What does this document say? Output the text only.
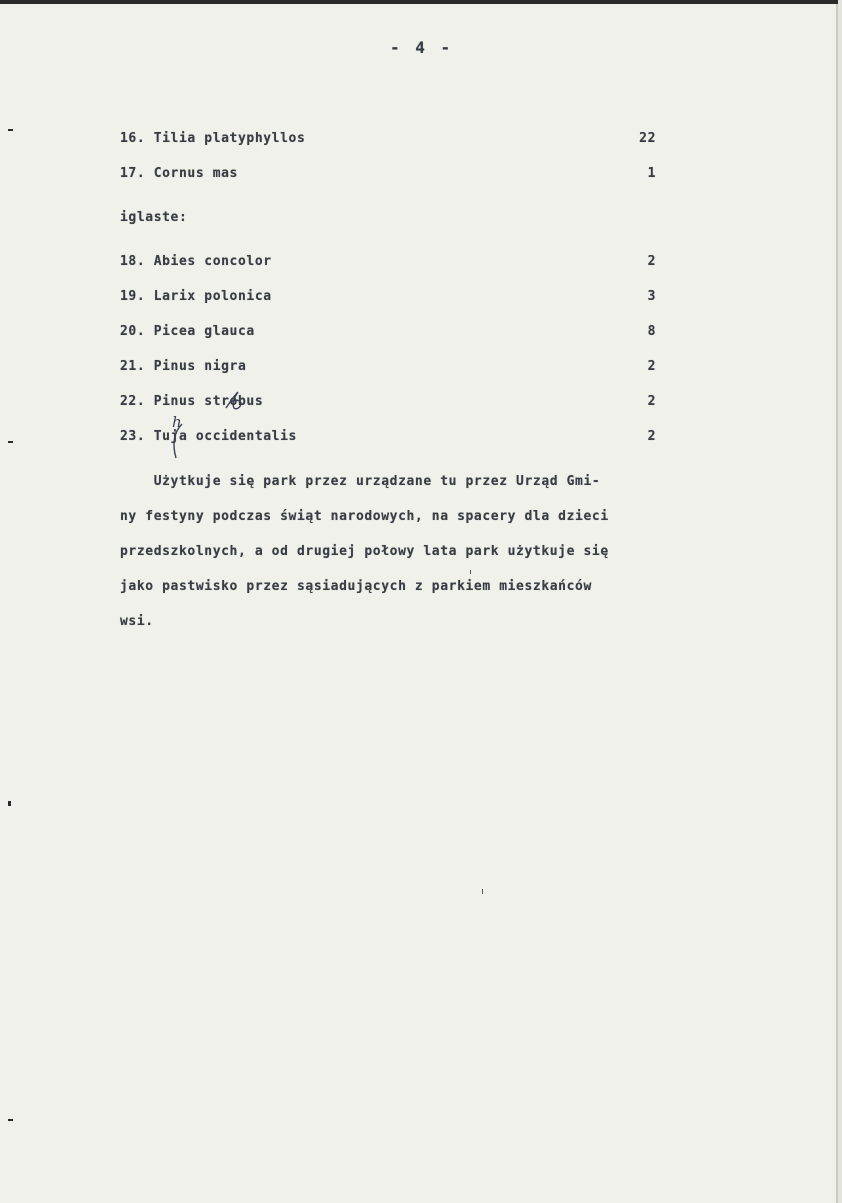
- 4 -
16. Tilia platyphyllos	22
17. Cornus mas	1
iglaste:
18. Abies concolor	2
19. Larix polonica	3
20. Picea glauca	8
21. Pinus nigra	2
22. Pinus strobus	2
23. Tuja occidentalis	2
h
Użytkuje się park przez urządzane tu przez Urząd Gmi-
ny festyny podczas świąt narodowych, na spacery dla dzieci
przedszkolnych, a od drugiej połowy lata park użytkuje się
jako pastwisko przez sąsiadujących z parkiem mieszkańców
wsi.
